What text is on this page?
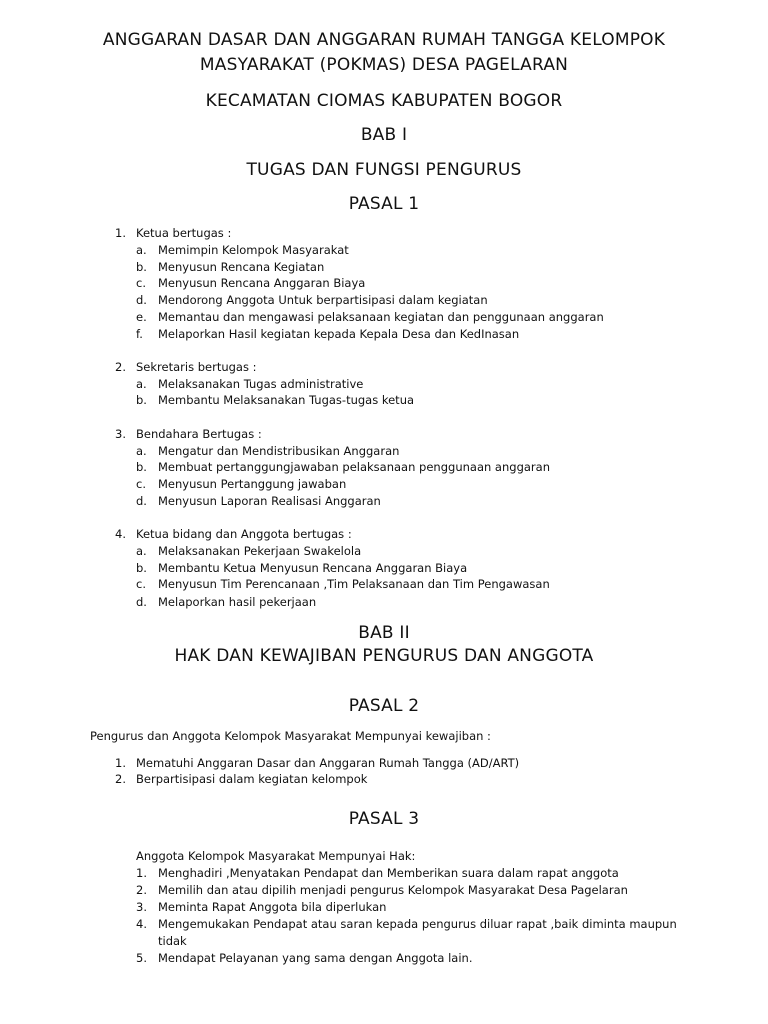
ANGGARAN DASAR DAN ANGGARAN RUMAH TANGGA KELOMPOK
MASYARAKAT (POKMAS) DESA PAGELARAN
KECAMATAN CIOMAS KABUPATEN BOGOR
BAB I
TUGAS DAN FUNGSI PENGURUS
PASAL 1
1. Ketua bertugas :
a. Memimpin Kelompok Masyarakat
b. Menyusun Rencana Kegiatan
c. Menyusun Rencana Anggaran Biaya
d. Mendorong Anggota Untuk berpartisipasi dalam kegiatan
e. Memantau dan mengawasi pelaksanaan kegiatan dan penggunaan anggaran
f. Melaporkan Hasil kegiatan kepada Kepala Desa dan KedInasan
2. Sekretaris bertugas :
a. Melaksanakan Tugas administrative
b. Membantu Melaksanakan Tugas-tugas ketua
3. Bendahara Bertugas :
a. Mengatur dan Mendistribusikan Anggaran
b. Membuat pertanggungjawaban pelaksanaan penggunaan anggaran
c. Menyusun Pertanggung jawaban
d. Menyusun Laporan Realisasi Anggaran
4. Ketua bidang dan Anggota bertugas :
a. Melaksanakan Pekerjaan Swakelola
b. Membantu Ketua Menyusun Rencana Anggaran Biaya
c. Menyusun Tim Perencanaan ,Tim Pelaksanaan dan Tim Pengawasan
d. Melaporkan hasil pekerjaan
BAB II
HAK DAN KEWAJIBAN PENGURUS DAN ANGGOTA
PASAL 2
Pengurus dan Anggota Kelompok Masyarakat Mempunyai kewajiban :
1. Mematuhi Anggaran Dasar dan Anggaran Rumah Tangga (AD/ART)
2. Berpartisipasi dalam kegiatan kelompok
PASAL 3
Anggota Kelompok Masyarakat Mempunyai Hak:
1. Menghadiri ,Menyatakan Pendapat dan Memberikan suara dalam rapat anggota
2. Memilih dan atau dipilih menjadi pengurus Kelompok Masyarakat Desa Pagelaran
3. Meminta Rapat Anggota bila diperlukan
4. Mengemukakan Pendapat atau saran kepada pengurus diluar rapat ,baik diminta maupun
tidak
5. Mendapat Pelayanan yang sama dengan Anggota lain.
